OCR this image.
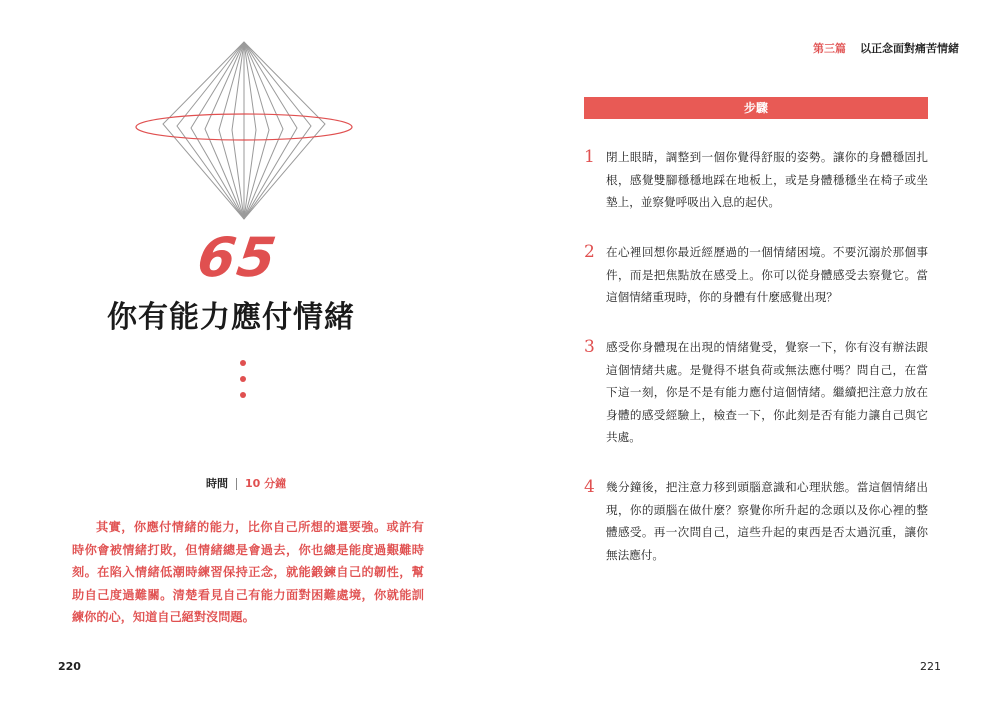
65
你有能力應付情緒
時間 10 分鐘

其實，你應付情緒的能力，比你自己所想的還要強。或許有時你會被情緒打敗，但情緒總是會過去，你也總是能度過艱難時刻。在陷入情緒低潮時練習保持正念，就能鍛鍊自己的韌性，幫助自己度過難關。清楚看見自己有能力面對困難處境，你就能訓練你的心，知道自己絕對沒問題。

220
第三篇 以正念面對痛苦情緒
步驟
1 閉上眼睛，調整到一個你覺得舒服的姿勢。讓你的身體穩固扎根，感覺雙腳穩穩地踩在地板上，或是身體穩穩坐在椅子或坐墊上，並察覺呼吸出入息的起伏。

2 在心裡回想你最近經歷過的一個情緒困境。不要沉溺於那個事件，而是把焦點放在感受上。你可以從身體感受去察覺它。當這個情緒重現時，你的身體有什麼感覺出現？

3 感受你身體現在出現的情緒覺受，覺察一下，你有沒有辦法跟這個情緒共處。是覺得不堪負荷或無法應付嗎？問自己，在當下這一刻，你是不是有能力應付這個情緒。繼續把注意力放在身體的感受經驗上，檢查一下，你此刻是否有能力讓自己與它共處。

4 幾分鐘後，把注意力移到頭腦意識和心理狀態。當這個情緒出現，你的頭腦在做什麼？察覺你所升起的念頭以及你心裡的整體感受。再一次問自己，這些升起的東西是否太過沉重，讓你無法應付。

221
